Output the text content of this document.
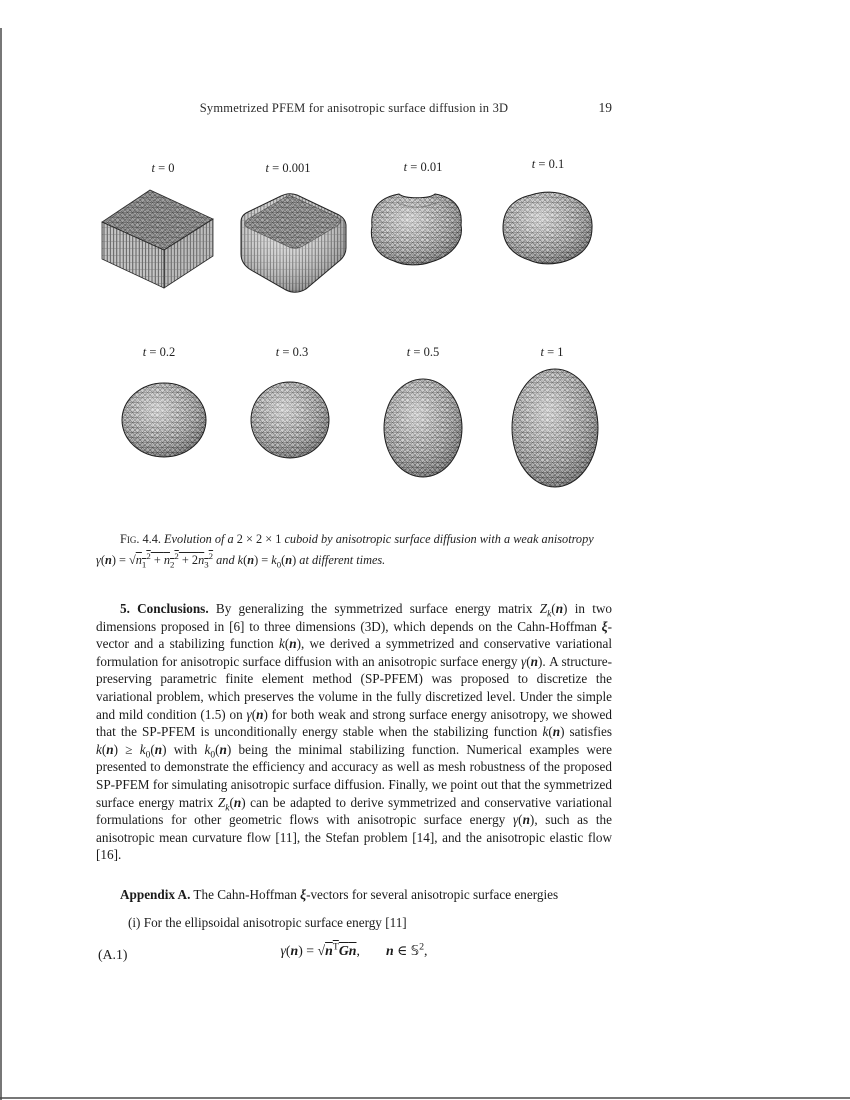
Symmetrized PFEM for anisotropic surface diffusion in 3D	19
t = 0	t = 0.001	t = 0.01	t = 0.1
t = 0.2	t = 0.3	t = 0.5	t = 1
Fig. 4.4. Evolution of a 2 × 2 × 1 cuboid by anisotropic surface diffusion with a weak anisotropy
$\gamma(n) = √n_1^2 + n_2^2 + 2n_3^2$ and $k(n) = k_0(n)$ at different times.
5. Conclusions. By generalizing the symmetrized surface energy matrix $Z_k(n)$ in two dimensions proposed in [6] to three dimensions (3D), which depends on the Cahn-Hoffman ξ-vector and a stabilizing function k(n), we derived a symmetrized and conservative variational formulation for anisotropic surface diffusion with an anisotropic surface energy γ(n). A structure-preserving parametric finite element method (SP-PFEM) was proposed to discretize the variational problem, which preserves the volume in the fully discretized level. Under the simple and mild condition (1.5) on γ(n) for both weak and strong surface energy anisotropy, we showed that the SP-PFEM is unconditionally energy stable when the stabilizing function k(n) satisfies $k(n) \ge k_0(n)$ with $k_0(n)$ being the minimal stabilizing function. Numerical examples were presented to demonstrate the efficiency and accuracy as well as mesh robustness of the proposed SP-PFEM for simulating anisotropic surface diffusion. Finally, we point out that the symmetrized surface energy matrix $Z_k(n)$ can be adapted to derive symmetrized and conservative variational formulations for other geometric flows with anisotropic surface energy γ(n), such as the anisotropic mean curvature flow [11], the Stefan problem [14], and the anisotropic elastic flow [16].
Appendix A. The Cahn-Hoffman ξ-vectors for several anisotropic surface energies
(i) For the ellipsoidal anisotropic surface energy [11]
(A.1)	$\gamma(n) = √n^TGn$, n ∈ 𝕊$^2$,
